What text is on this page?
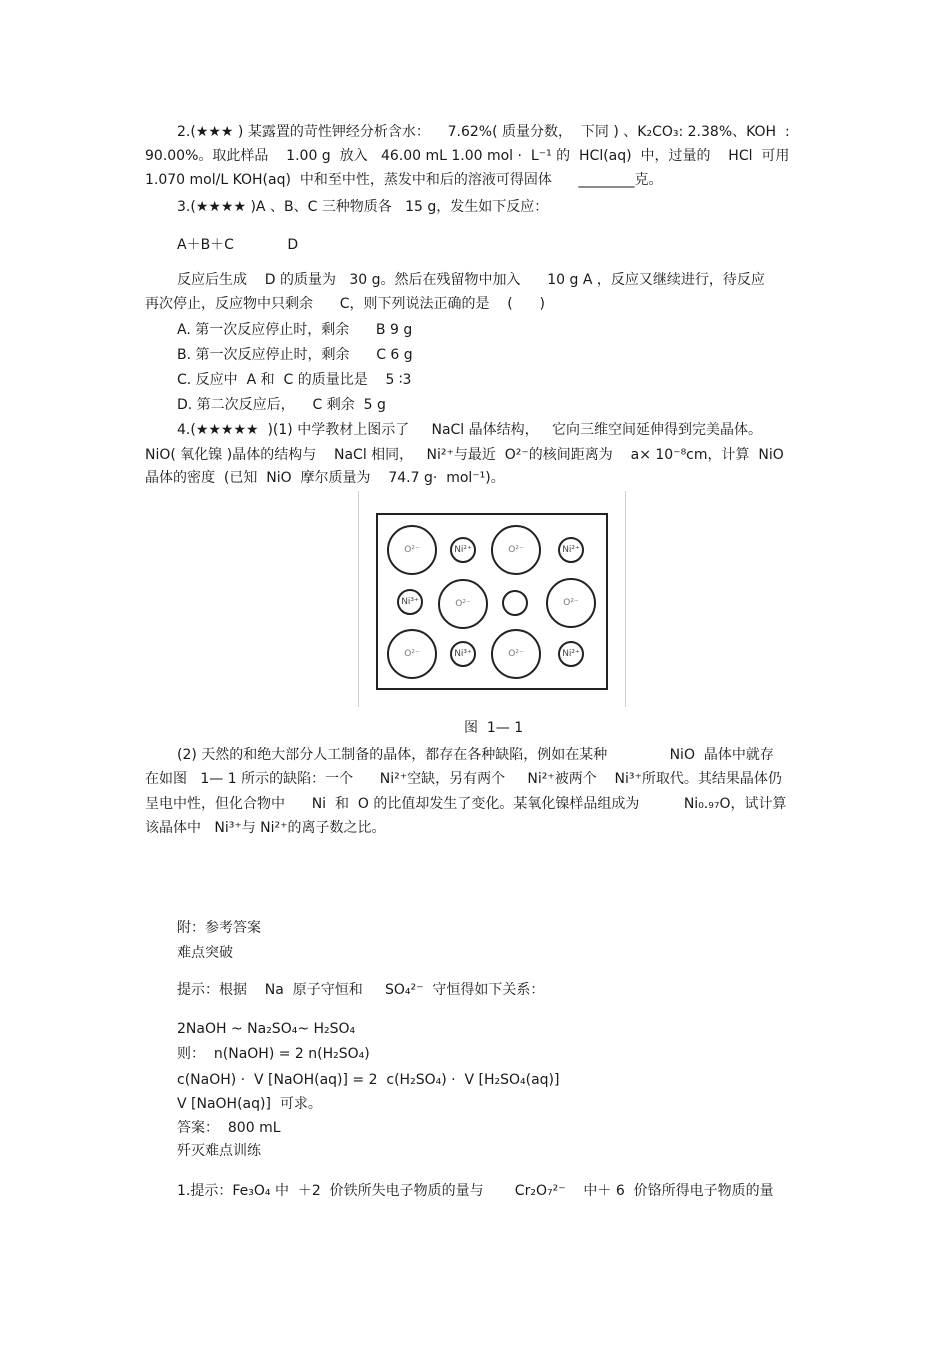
2.(★★★ ) 某露置的苛性钾经分析含水：    7.62%( 质量分数，  下同 ) 、K₂CO₃: 2.38%、KOH  :
90.00%。取此样品    1.00 g  放入   46.00 mL 1.00 mol ·  L⁻¹ 的  HCl(aq)  中，过量的    HCl  可用
1.070 mol/L KOH(aq)  中和至中性，蒸发中和后的溶液可得固体      ________克。
3.(★★★★ )A 、B、C 三种物质各   15 g，发生如下反应：
A＋B＋C            D
反应后生成    D 的质量为   30 g。然后在残留物中加入      10 g A ，反应又继续进行，待反应
再次停止，反应物中只剩余      C，则下列说法正确的是    (      )
A. 第一次反应停止时，剩余      B 9 g
B. 第一次反应停止时，剩余      C 6 g
C. 反应中  A 和  C 的质量比是    5 ∶3
D. 第二次反应后，    C 剩余  5 g
4.(★★★★★  )(1) 中学教材上图示了     NaCl 晶体结构，   它向三维空间延伸得到完美晶体。
NiO( 氧化镍 )晶体的结构与    NaCl 相同，   Ni²⁺与最近  O²⁻的核间距离为    a× 10⁻⁸cm，计算  NiO
晶体的密度  (已知  NiO  摩尔质量为    74.7 g·  mol⁻¹)。
O²⁻	Ni²⁺	O²⁻	Ni²⁺
Ni³⁺	O²⁻	O²⁻
O²⁻	Ni³⁺	O²⁻	Ni²⁺
图  1— 1
(2) 天然的和绝大部分人工制备的晶体，都存在各种缺陷，例如在某种              NiO  晶体中就存
在如图   1— 1 所示的缺陷：一个      Ni²⁺空缺，另有两个     Ni²⁺被两个    Ni³⁺所取代。其结果晶体仍
呈电中性，但化合物中      Ni  和  O 的比值却发生了变化。某氧化镍样品组成为          Ni₀.₉₇O，试计算
该晶体中   Ni³⁺与 Ni²⁺的离子数之比。
附：参考答案
难点突破
提示：根据    Na  原子守恒和     SO₄²⁻  守恒得如下关系：
2NaOH ~ Na₂SO₄~ H₂SO₄
则：  n(NaOH) = 2 n(H₂SO₄)
c(NaOH) ·  V [NaOH(aq)] = 2  c(H₂SO₄) ·  V [H₂SO₄(aq)]
V [NaOH(aq)]  可求。
答案：  800 mL
歼灭难点训练
1.提示：Fe₃O₄ 中  ＋2  价铁所失电子物质的量与       Cr₂O₇²⁻    中＋ 6  价铬所得电子物质的量
